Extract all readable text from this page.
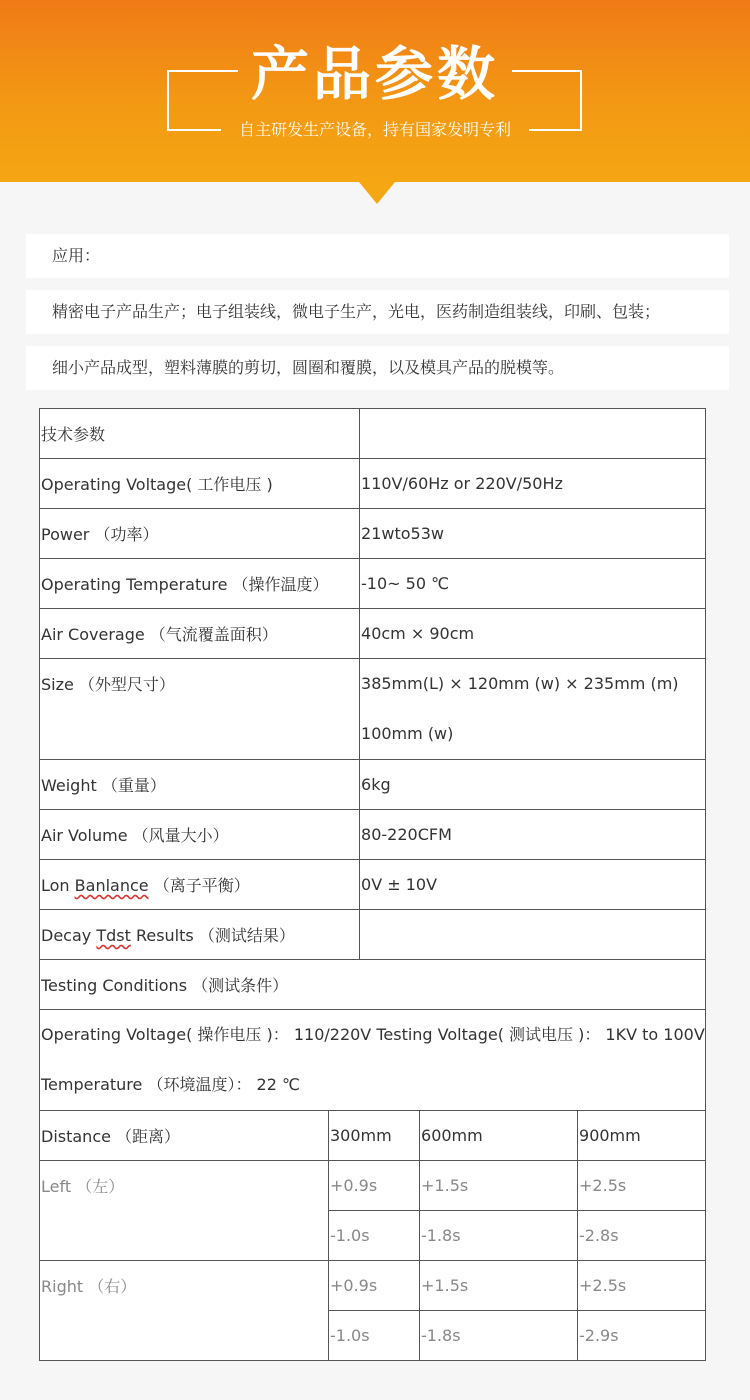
产品参数
自主研发生产设备，持有国家发明专利
应用：
精密电子产品生产；电子组装线，微电子生产，光电，医药制造组装线，印刷、包装；
细小产品成型，塑料薄膜的剪切，圆圈和覆膜，以及模具产品的脱模等。
技术参数				
Operating Voltage( 工作电压 )		110V/60Hz or 220V/50Hz		
Power （功率）		21wto53w		
Operating Temperature （操作温度）		-10~ 50 ℃		
Air Coverage （气流覆盖面积）		40cm × 90cm		
Size （外型尺寸）		385mm(L) × 120mm (w) × 235mm (m) 100mm (w)		
Weight （重量）		6kg		
Air Volume （风量大小）		80-220CFM		
Lon Banlance （离子平衡）		0V ± 10V		
Decay Tdst Results （测试结果）				
Testing Conditions （测试条件）				
Operating Voltage( 操作电压 )： 110/220V Testing Voltage( 测试电压 )： 1KV to 100V Temperature （环境温度）： 22 ℃				
Distance （距离）	300mm		600mm	900mm
Left （左）	+0.9s		+1.5s	+2.5s
	-1.0s		-1.8s	-2.8s
Right （右）	+0.9s		+1.5s	+2.5s
	-1.0s		-1.8s	-2.9s
